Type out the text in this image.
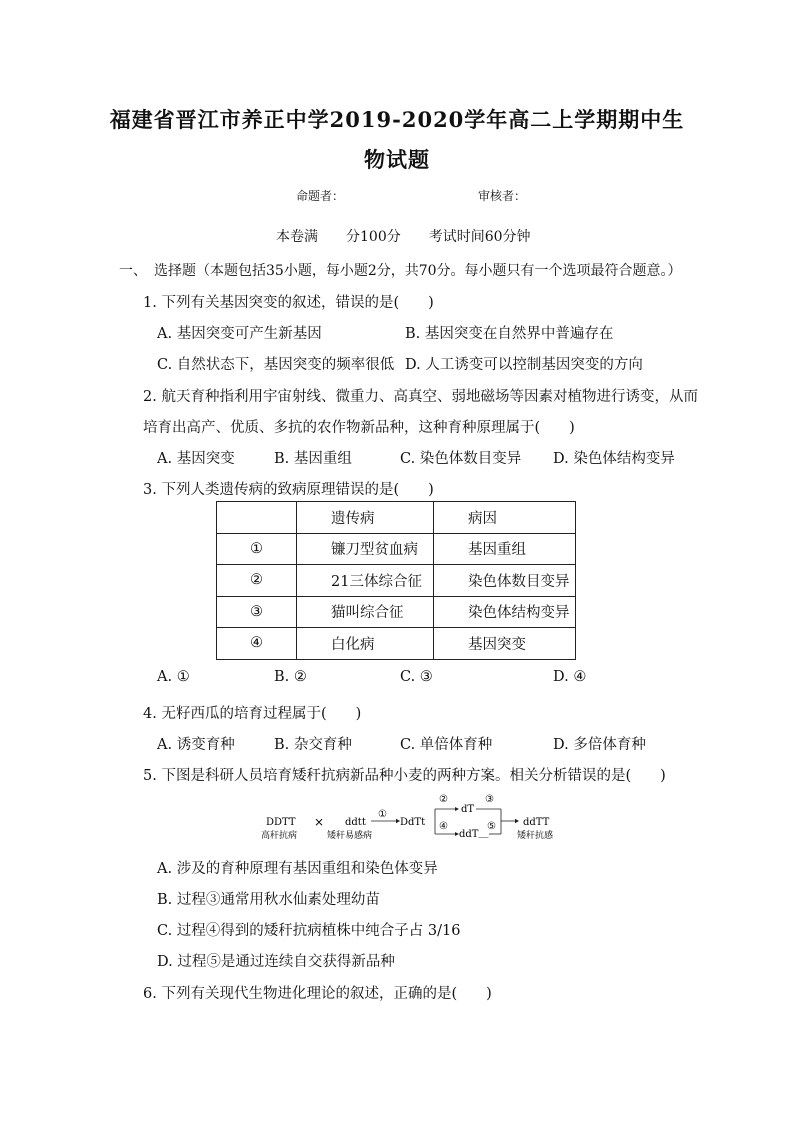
福建省晋江市养正中学2019-2020学年高二上学期期中生
物试题
命题者：	审核者：
本卷满　　分100分　　考试时间60分钟
一、　选择题（本题包括35小题，每小题2分，共70分。每小题只有一个选项最符合题意。）
1. 下列有关基因突变的叙述，错误的是(　　)
A. 基因突变可产生新基因	B. 基因突变在自然界中普遍存在
C. 自然状态下，基因突变的频率很低 D. 人工诱变可以控制基因突变的方向
2. 航天育种指利用宇宙射线、微重力、高真空、弱地磁场等因素对植物进行诱变，从而
培育出高产、优质、多抗的农作物新品种，这种育种原理属于(　　)
A. 基因突变	B. 基因重组	C. 染色体数目变异 D. 染色体结构变异
3. 下列人类遗传病的致病原理错误的是(　　)
	遗传病	病因
①	镰刀型贫血病	基因重组
②	21三体综合征	染色体数目变异
③	猫叫综合征	染色体结构变异
④	白化病	基因突变
A. ①	B. ②	C. ③	D. ④
4. 无籽西瓜的培育过程属于(　　)
A. 诱变育种	B. 杂交育种	C. 单倍体育种	D. 多倍体育种
5. 下图是科研人员培育矮秆抗病新品种小麦的两种方案。相关分析错误的是(　　)
DDTT
高秆抗病
× ddtt
矮秆易感病
①
DdTt
②
dT
③
④
ddT＿
⑤	ddTT
矮秆抗感
A. 涉及的育种原理有基因重组和染色体变异
B. 过程③通常用秋水仙素处理幼苗
C. 过程④得到的矮秆抗病植株中纯合子占 3/16
D. 过程⑤是通过连续自交获得新品种
6. 下列有关现代生物进化理论的叙述，正确的是(　　)
